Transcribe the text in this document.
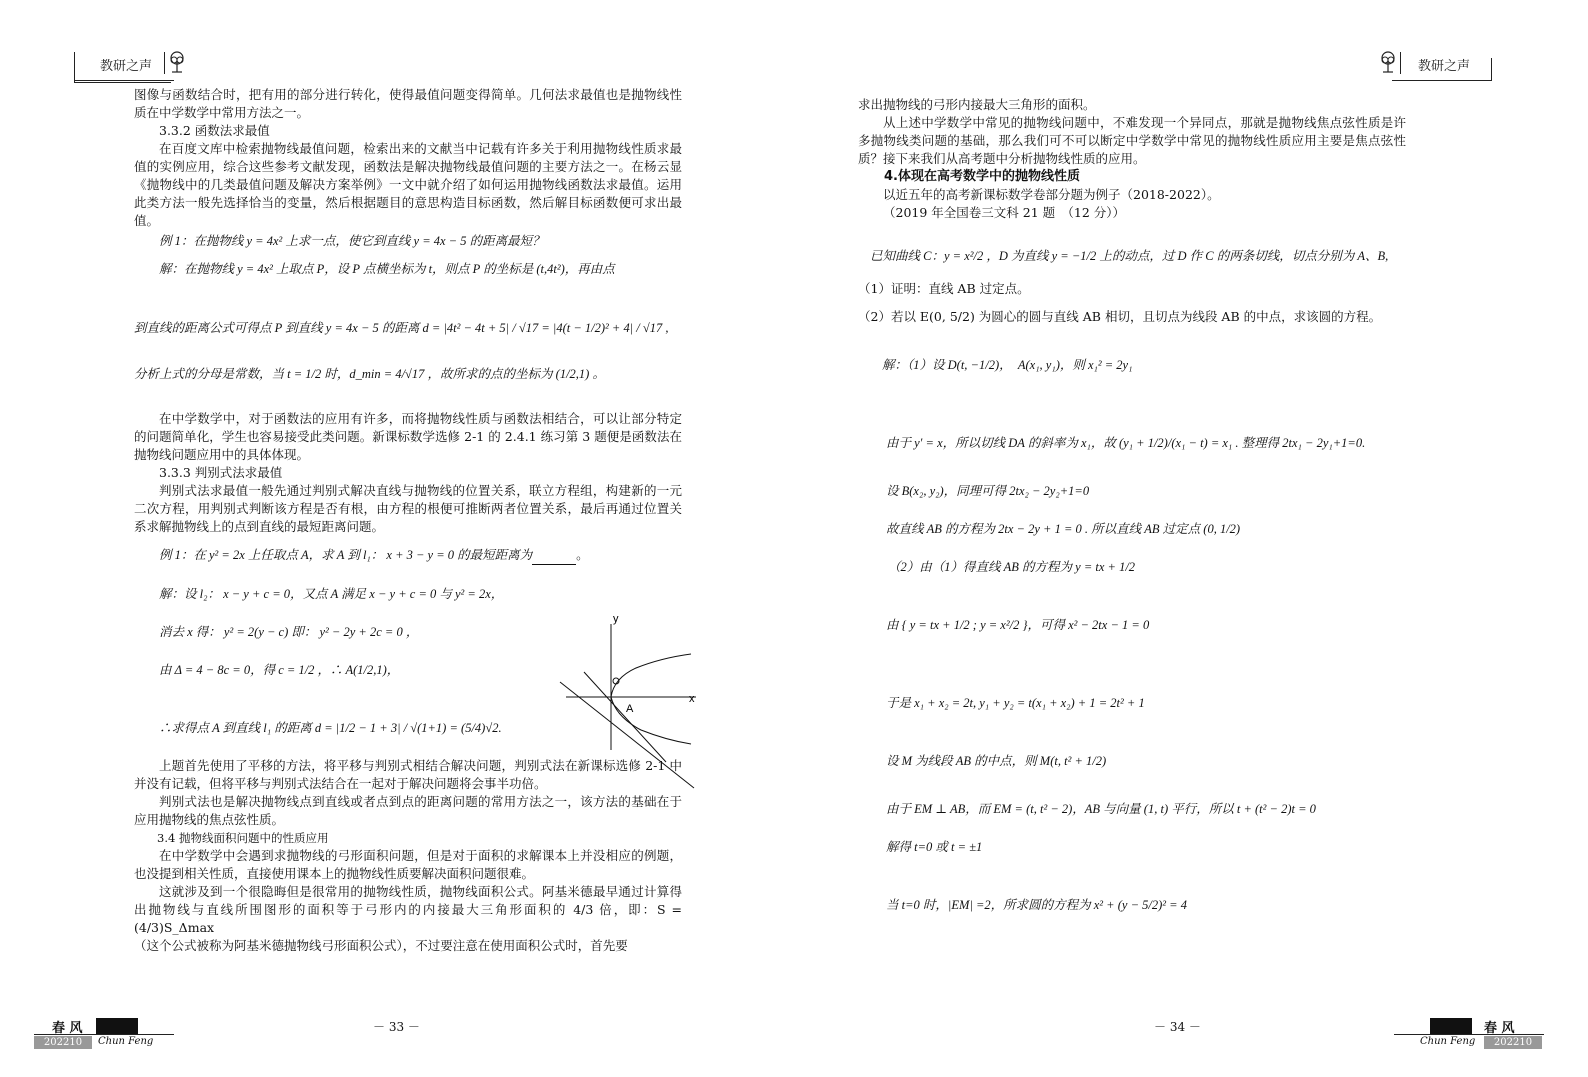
教研之声

图像与函数结合时，把有用的部分进行转化，使得最值问题变得简单。几何法求最值也是抛物线性质在中学数学中常用方法之一。

3.3.2 函数法求最值

在百度文库中检索抛物线最值问题，检索出来的文献当中记载有许多关于利用抛物线性质求最值的实例应用，综合这些参考文献发现，函数法是解决抛物线最值问题的主要方法之一。在杨云显《抛物线中的几类最值问题及解决方案举例》一文中就介绍了如何运用抛物线函数法求最值。运用此类方法一般先选择恰当的变量，然后根据题目的意思构造目标函数，然后解目标函数便可求出最值。

例 1：在抛物线 y = 4x² 上求一点，使它到直线 y = 4x − 5 的距离最短？

解：在抛物线 y = 4x² 上取点 P，设 P 点横坐标为 t，则点 P 的坐标是 (t,4t²)，再由点

到直线的距离公式可得点 P 到直线 y = 4x − 5 的距离 d = |4t² − 4t + 5| / √17 = |4(t − 1/2)² + 4| / √17 ,

分析上式的分母是常数，当 t = 1/2 时，d_min = 4/√17 ，故所求的点的坐标为 (1/2,1) 。

在中学数学中，对于函数法的应用有许多，而将抛物线性质与函数法相结合，可以让部分特定的问题简单化，学生也容易接受此类问题。新课标数学选修 2-1 的 2.4.1 练习第 3 题便是函数法在抛物线问题应用中的具体体现。

3.3.3 判别式法求最值

判别式法求最值一般先通过判别式解决直线与抛物线的位置关系，联立方程组，构建新的一元二次方程，用判别式判断该方程是否有根，由方程的根便可推断两者位置关系，最后再通过位置关系求解抛物线上的点到直线的最短距离问题。

例 1：在 y² = 2x 上任取点 A，求 A 到 l₁： x + 3 − y = 0 的最短距离为	。

解：设 l₂： x − y + c = 0，又点 A 满足 x − y + c = 0 与 y² = 2x，

消去 x 得： y² = 2(y − c) 即： y² − 2y + 2c = 0 ，

由 Δ = 4 − 8c = 0，得 c = 1/2 ，∴ A(1/2,1)，

∴求得点 A 到直线 l₁ 的距离 d = |1/2 − 1 + 3| / √(1+1) = (5/4)√2.

上题首先使用了平移的方法，将平移与判别式相结合解决问题，判别式法在新课标选修 2-1 中并没有记载，但将平移与判别式法结合在一起对于解决问题将会事半功倍。

判别式法也是解决抛物线点到直线或者点到点的距离问题的常用方法之一，该方法的基础在于应用抛物线的焦点弦性质。

3.4 抛物线面积问题中的性质应用

在中学数学中会遇到求抛物线的弓形面积问题，但是对于面积的求解课本上并没相应的例题，也没提到相关性质，直接使用课本上的抛物线性质要解决面积问题很难。

这就涉及到一个很隐晦但是很常用的抛物线性质，抛物线面积公式。阿基米德最早通过计算得出抛物线与直线所围图形的面积等于弓形内的内接最大三角形面积的 4/3 倍，即：S = (4/3)S_Δmax

（这个公式被称为阿基米德抛物线弓形面积公式），不过要注意在使用面积公式时，首先要

y
x
A
春 风
202210	Chun Feng
－ 33 －
教研之声

求出抛物线的弓形内接最大三角形的面积。

从上述中学数学中常见的抛物线问题中，不难发现一个异同点，那就是抛物线焦点弦性质是许多抛物线类问题的基础，那么我们可不可以断定中学数学中常见的抛物线性质应用主要是焦点弦性质？接下来我们从高考题中分析抛物线性质的应用。

4.体现在高考数学中的抛物线性质

以近五年的高考新课标数学卷部分题为例子（2018-2022）。

（2019 年全国卷三文科 21 题　（12 分））

已知曲线 C：y = x²/2 ，D 为直线 y = −1/2 上的动点，过 D 作 C 的两条切线，切点分别为 A、B,

（1）证明：直线 AB 过定点。

（2）若以 E(0, 5/2) 为圆心的圆与直线 AB 相切，且切点为线段 AB 的中点，求该圆的方程。

解：（1）设 D(t, −1/2)，　A(x₁, y₁)，则 x₁² = 2y₁

由于 y′ = x，所以切线 DA 的斜率为 x₁，故 (y₁ + 1/2)/(x₁ − t) = x₁ . 整理得 2tx₁ − 2y₁+1=0.

设 B(x₂, y₂)，同理可得 2tx₂ − 2y₂+1=0

故直线 AB 的方程为 2tx − 2y + 1 = 0 . 所以直线 AB 过定点 (0, 1/2)

（2）由（1）得直线 AB 的方程为 y = tx + 1/2

由 { y = tx + 1/2 ; y = x²/2 }，可得 x² − 2tx − 1 = 0

于是 x₁ + x₂ = 2t, y₁ + y₂ = t(x₁ + x₂) + 1 = 2t² + 1

设 M 为线段 AB 的中点，则 M(t, t² + 1/2)

由于 EM ⊥ AB，而 EM = (t, t² − 2)，AB 与向量 (1, t) 平行，所以 t + (t² − 2)t = 0

解得 t=0 或 t = ±1

当 t=0 时，|EM| =2，所求圆的方程为 x² + (y − 5/2)² = 4

－ 34 －	春 风
Chun Feng	202210
